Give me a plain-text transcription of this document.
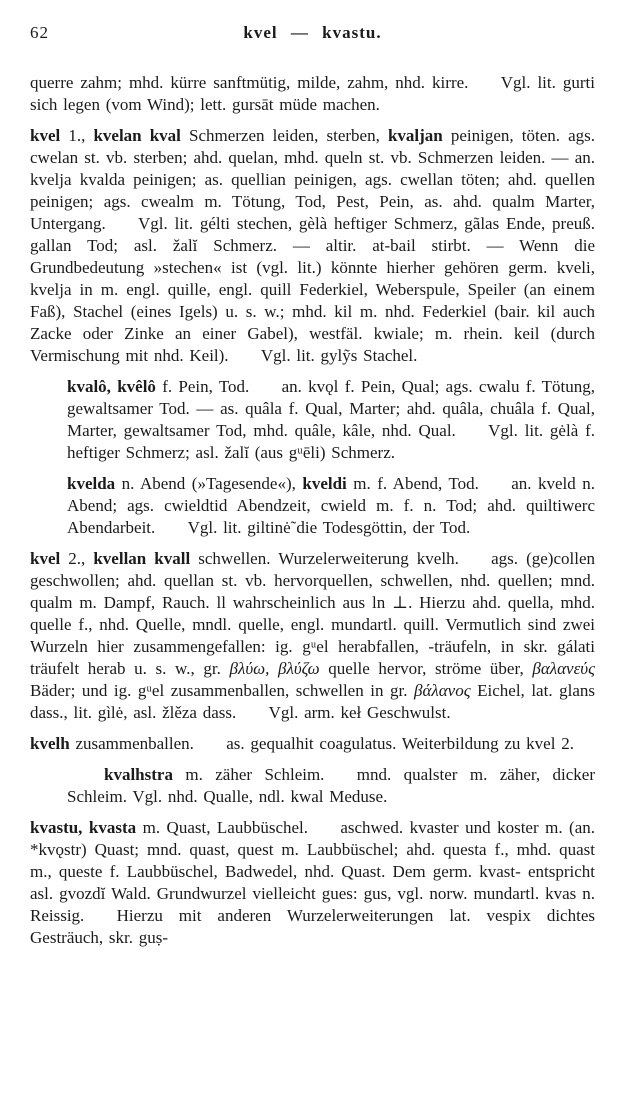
62	kvel — kvastu.

querre zahm; mhd. kürre sanftmütig, milde, zahm, nhd. kirre. Vgl. lit. gurti sich legen (vom Wind); lett. gursāt müde machen.

kvel 1., kvelan kval Schmerzen leiden, sterben, kvaljan peinigen, töten. ags. cwelan st. vb. sterben; ahd. quelan, mhd. queln st. vb. Schmerzen leiden. — an. kvelja kvalda peinigen; as. quellian peinigen, ags. cwellan töten; ahd. quellen peinigen; ags. cwealm m. Tötung, Tod, Pest, Pein, as. ahd. qualm Marter, Untergang. Vgl. lit. gélti stechen, gèlà heftiger Schmerz, gãlas Ende, preuß. gallan Tod; asl. žalĭ Schmerz. — altir. at-bail stirbt. — Wenn die Grundbedeutung »stechen« ist (vgl. lit.) könnte hierher gehören germ. kveli, kvelja in m. engl. quille, engl. quill Federkiel, Weberspule, Speiler (an einem Faß), Stachel (eines Igels) u. s. w.; mhd. kil m. nhd. Federkiel (bair. kil auch Zacke oder Zinke an einer Gabel), westfäl. kwiale; m. rhein. keil (durch Vermischung mit nhd. Keil). Vgl. lit. gylỹs Stachel.

kvalô, kvêlô f. Pein, Tod. an. kvǫl f. Pein, Qual; ags. cwalu f. Tötung, gewaltsamer Tod. — as. quâla f. Qual, Marter; ahd. quâla, chuâla f. Qual, Marter, gewaltsamer Tod, mhd. quâle, kâle, nhd. Qual. Vgl. lit. gėlà f. heftiger Schmerz; asl. žalĭ (aus gᵘēli) Schmerz.

kvelda n. Abend (»Tagesende«), kveldi m. f. Abend, Tod. an. kveld n. Abend; ags. cwieldtid Abendzeit, cwield m. f. n. Tod; ahd. quiltiwerc Abendarbeit. Vgl. lit. giltinė̃ die Todesgöttin, der Tod.

kvel 2., kvellan kvall schwellen. Wurzelerweiterung kvelh. ags. (ge)collen geschwollen; ahd. quellan st. vb. hervorquellen, schwellen, nhd. quellen; mnd. qualm m. Dampf, Rauch. ll wahrscheinlich aus ln ⊥. Hierzu ahd. quella, mhd. quelle f., nhd. Quelle, mndl. quelle, engl. mundartl. quill. Vermutlich sind zwei Wurzeln hier zusammengefallen: ig. gᵘel herabfallen, -träufeln, in skr. gálati träufelt herab u. s. w., gr. βλύω, βλύζω quelle hervor, ströme über, βαλανεύς Bäder; und ig. gᵘel zusammenballen, schwellen in gr. βάλανος Eichel, lat. glans dass., lit. gìlė, asl. žlěza dass. Vgl. arm. keł Geschwulst.

kvelh zusammenballen. as. gequalhit coagulatus. Weiterbildung zu kvel 2.

kvalhstra m. zäher Schleim. mnd. qualster m. zäher, dicker Schleim. Vgl. nhd. Qualle, ndl. kwal Meduse.

kvastu, kvasta m. Quast, Laubbüschel. aschwed. kvaster und koster m. (an. *kvǫstr) Quast; mnd. quast, quest m. Laubbüschel; ahd. questa f., mhd. quast m., queste f. Laubbüschel, Badwedel, nhd. Quast. Dem germ. kvast- entspricht asl. gvozdĭ Wald. Grundwurzel vielleicht gues: gus, vgl. norw. mundartl. kvas n. Reissig. Hierzu mit anderen Wurzelerweiterungen lat. vespix dichtes Gesträuch, skr. guṣ-
